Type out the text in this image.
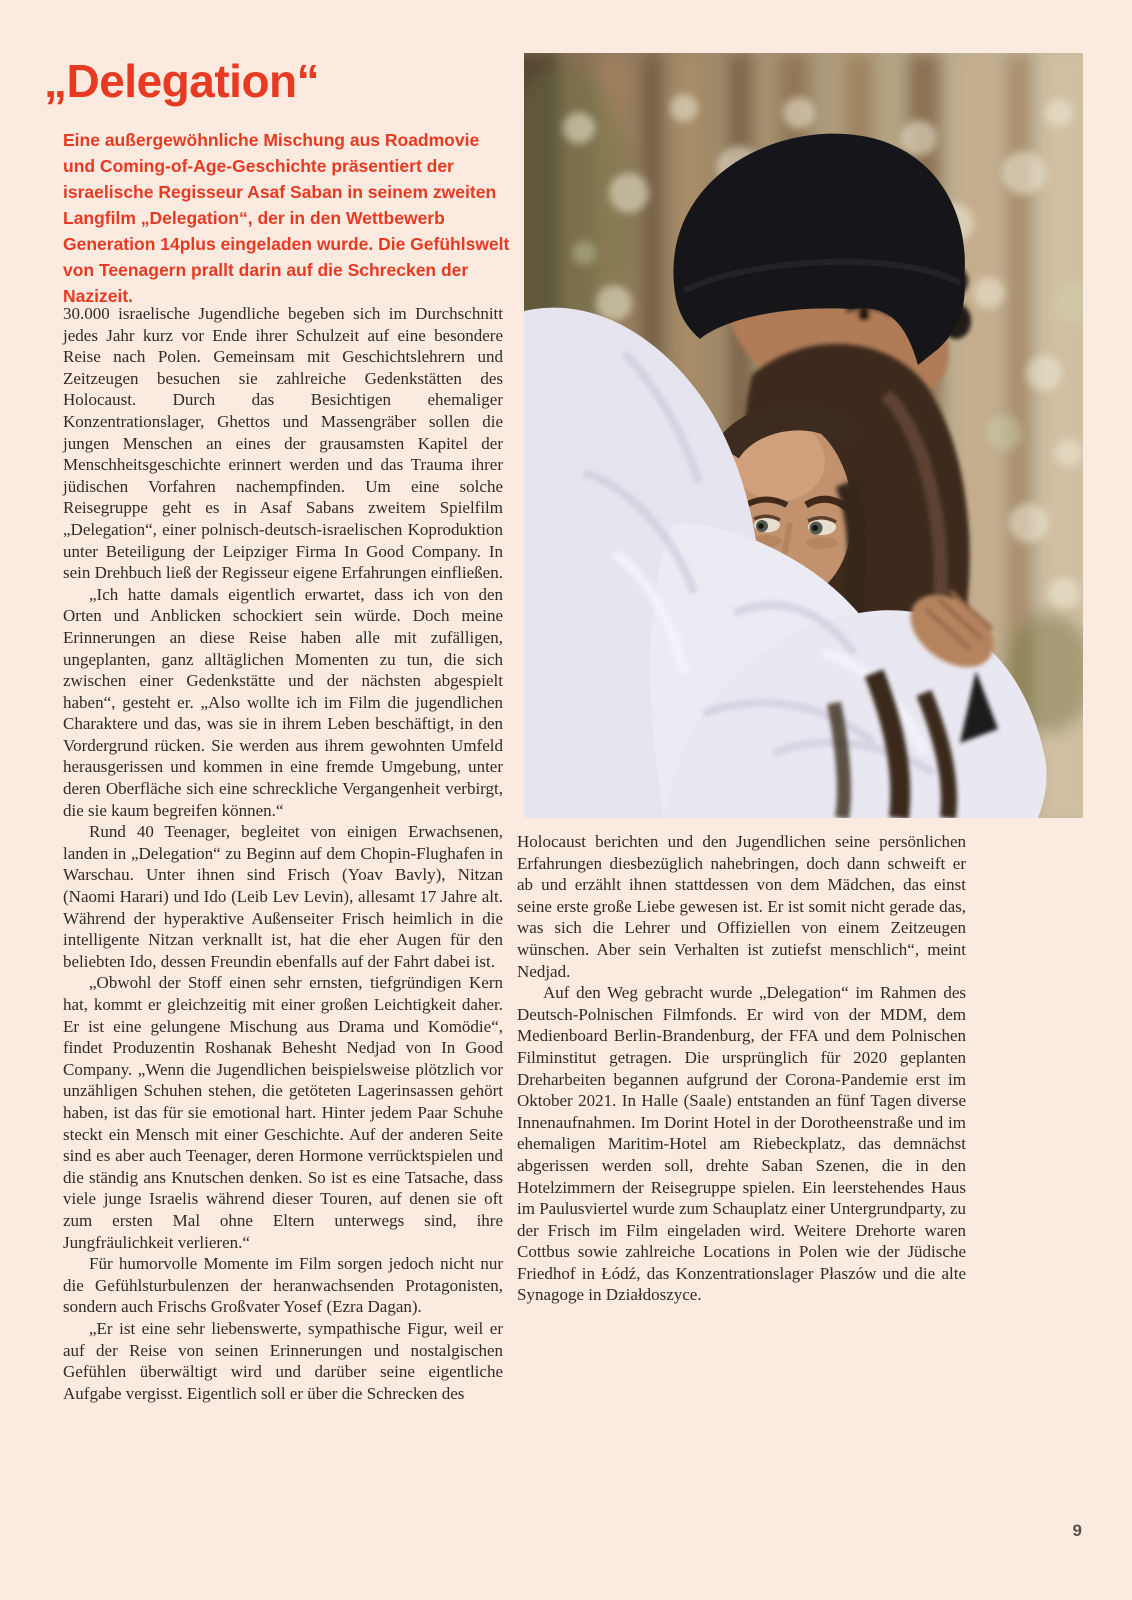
„Delegation“

Eine außergewöhnliche Mischung aus Roadmovie und Coming-of-Age-Geschichte präsentiert der israelische Regisseur Asaf Saban in seinem zweiten Langfilm „Delegation“, der in den Wettbewerb Generation 14plus eingeladen wurde. Die Gefühlswelt von Teenagern prallt darin auf die Schrecken der Nazizeit.

30.000 israelische Jugendliche begeben sich im Durchschnitt jedes Jahr kurz vor Ende ihrer Schulzeit auf eine besondere Reise nach Polen. Gemeinsam mit Geschichtslehrern und Zeitzeugen besuchen sie zahlreiche Gedenkstätten des Holocaust. Durch das Besichtigen ehemaliger Konzentrationslager, Ghettos und Massengräber sollen die jungen Menschen an eines der grausamsten Kapitel der Menschheitsgeschichte erinnert werden und das Trauma ihrer jüdischen Vorfahren nachempfinden. Um eine solche Reisegruppe geht es in Asaf Sabans zweitem Spielfilm „Delegation“, einer polnisch-deutsch-israelischen Koproduktion unter Beteiligung der Leipziger Firma In Good Company. In sein Drehbuch ließ der Regisseur eigene Erfahrungen einfließen.

„Ich hatte damals eigentlich erwartet, dass ich von den Orten und Anblicken schockiert sein würde. Doch meine Erinnerungen an diese Reise haben alle mit zufälligen, ungeplanten, ganz alltäglichen Momenten zu tun, die sich zwischen einer Gedenkstätte und der nächsten abgespielt haben“, gesteht er. „Also wollte ich im Film die jugendlichen Charaktere und das, was sie in ihrem Leben beschäftigt, in den Vordergrund rücken. Sie werden aus ihrem gewohnten Umfeld herausgerissen und kommen in eine fremde Umgebung, unter deren Oberfläche sich eine schreckliche Vergangenheit verbirgt, die sie kaum begreifen können.“

Rund 40 Teenager, begleitet von einigen Erwachsenen, landen in „Delegation“ zu Beginn auf dem Chopin-Flughafen in Warschau. Unter ihnen sind Frisch (Yoav Bavly), Nitzan (Naomi Harari) und Ido (Leib Lev Levin), allesamt 17 Jahre alt. Während der hyperaktive Außenseiter Frisch heimlich in die intelligente Nitzan verknallt ist, hat die eher Augen für den beliebten Ido, dessen Freundin ebenfalls auf der Fahrt dabei ist.

„Obwohl der Stoff einen sehr ernsten, tiefgründigen Kern hat, kommt er gleichzeitig mit einer großen Leichtigkeit daher. Er ist eine gelungene Mischung aus Drama und Komödie“, findet Produzentin Roshanak Behesht Nedjad von In Good Company. „Wenn die Jugendlichen beispielsweise plötzlich vor unzähligen Schuhen stehen, die getöteten Lagerinsassen gehört haben, ist das für sie emotional hart. Hinter jedem Paar Schuhe steckt ein Mensch mit einer Geschichte. Auf der anderen Seite sind es aber auch Teenager, deren Hormone verrücktspielen und die ständig ans Knutschen denken. So ist es eine Tatsache, dass viele junge Israelis während dieser Touren, auf denen sie oft zum ersten Mal ohne Eltern unterwegs sind, ihre Jungfräulichkeit verlieren.“

Für humorvolle Momente im Film sorgen jedoch nicht nur die Gefühlsturbulenzen der heranwachsenden Protagonisten, sondern auch Frischs Großvater Yosef (Ezra Dagan).

„Er ist eine sehr liebenswerte, sympathische Figur, weil er auf der Reise von seinen Erinnerungen und nostalgischen Gefühlen überwältigt wird und darüber seine eigentliche Aufgabe vergisst. Eigentlich soll er über die Schrecken des

Holocaust berichten und den Jugendlichen seine persönlichen Erfahrungen diesbezüglich nahebringen, doch dann schweift er ab und erzählt ihnen stattdessen von dem Mädchen, das einst seine erste große Liebe gewesen ist. Er ist somit nicht gerade das, was sich die Lehrer und Offiziellen von einem Zeitzeugen wünschen. Aber sein Verhalten ist zutiefst menschlich“, meint Nedjad.

Auf den Weg gebracht wurde „Delegation“ im Rahmen des Deutsch-Polnischen Filmfonds. Er wird von der MDM, dem Medienboard Berlin-Brandenburg, der FFA und dem Polnischen Filminstitut getragen. Die ursprünglich für 2020 geplanten Dreharbeiten begannen aufgrund der Corona-Pandemie erst im Oktober 2021. In Halle (Saale) entstanden an fünf Tagen diverse Innenaufnahmen. Im Dorint Hotel in der Dorotheenstraße und im ehemaligen Maritim-Hotel am Riebeckplatz, das demnächst abgerissen werden soll, drehte Saban Szenen, die in den Hotelzimmern der Reisegruppe spielen. Ein leerstehendes Haus im Paulusviertel wurde zum Schauplatz einer Untergrundparty, zu der Frisch im Film eingeladen wird. Weitere Drehorte waren Cottbus sowie zahlreiche Locations in Polen wie der Jüdische Friedhof in Łódź, das Konzentrationslager Płaszów und die alte Synagoge in Działdoszyce.

9
